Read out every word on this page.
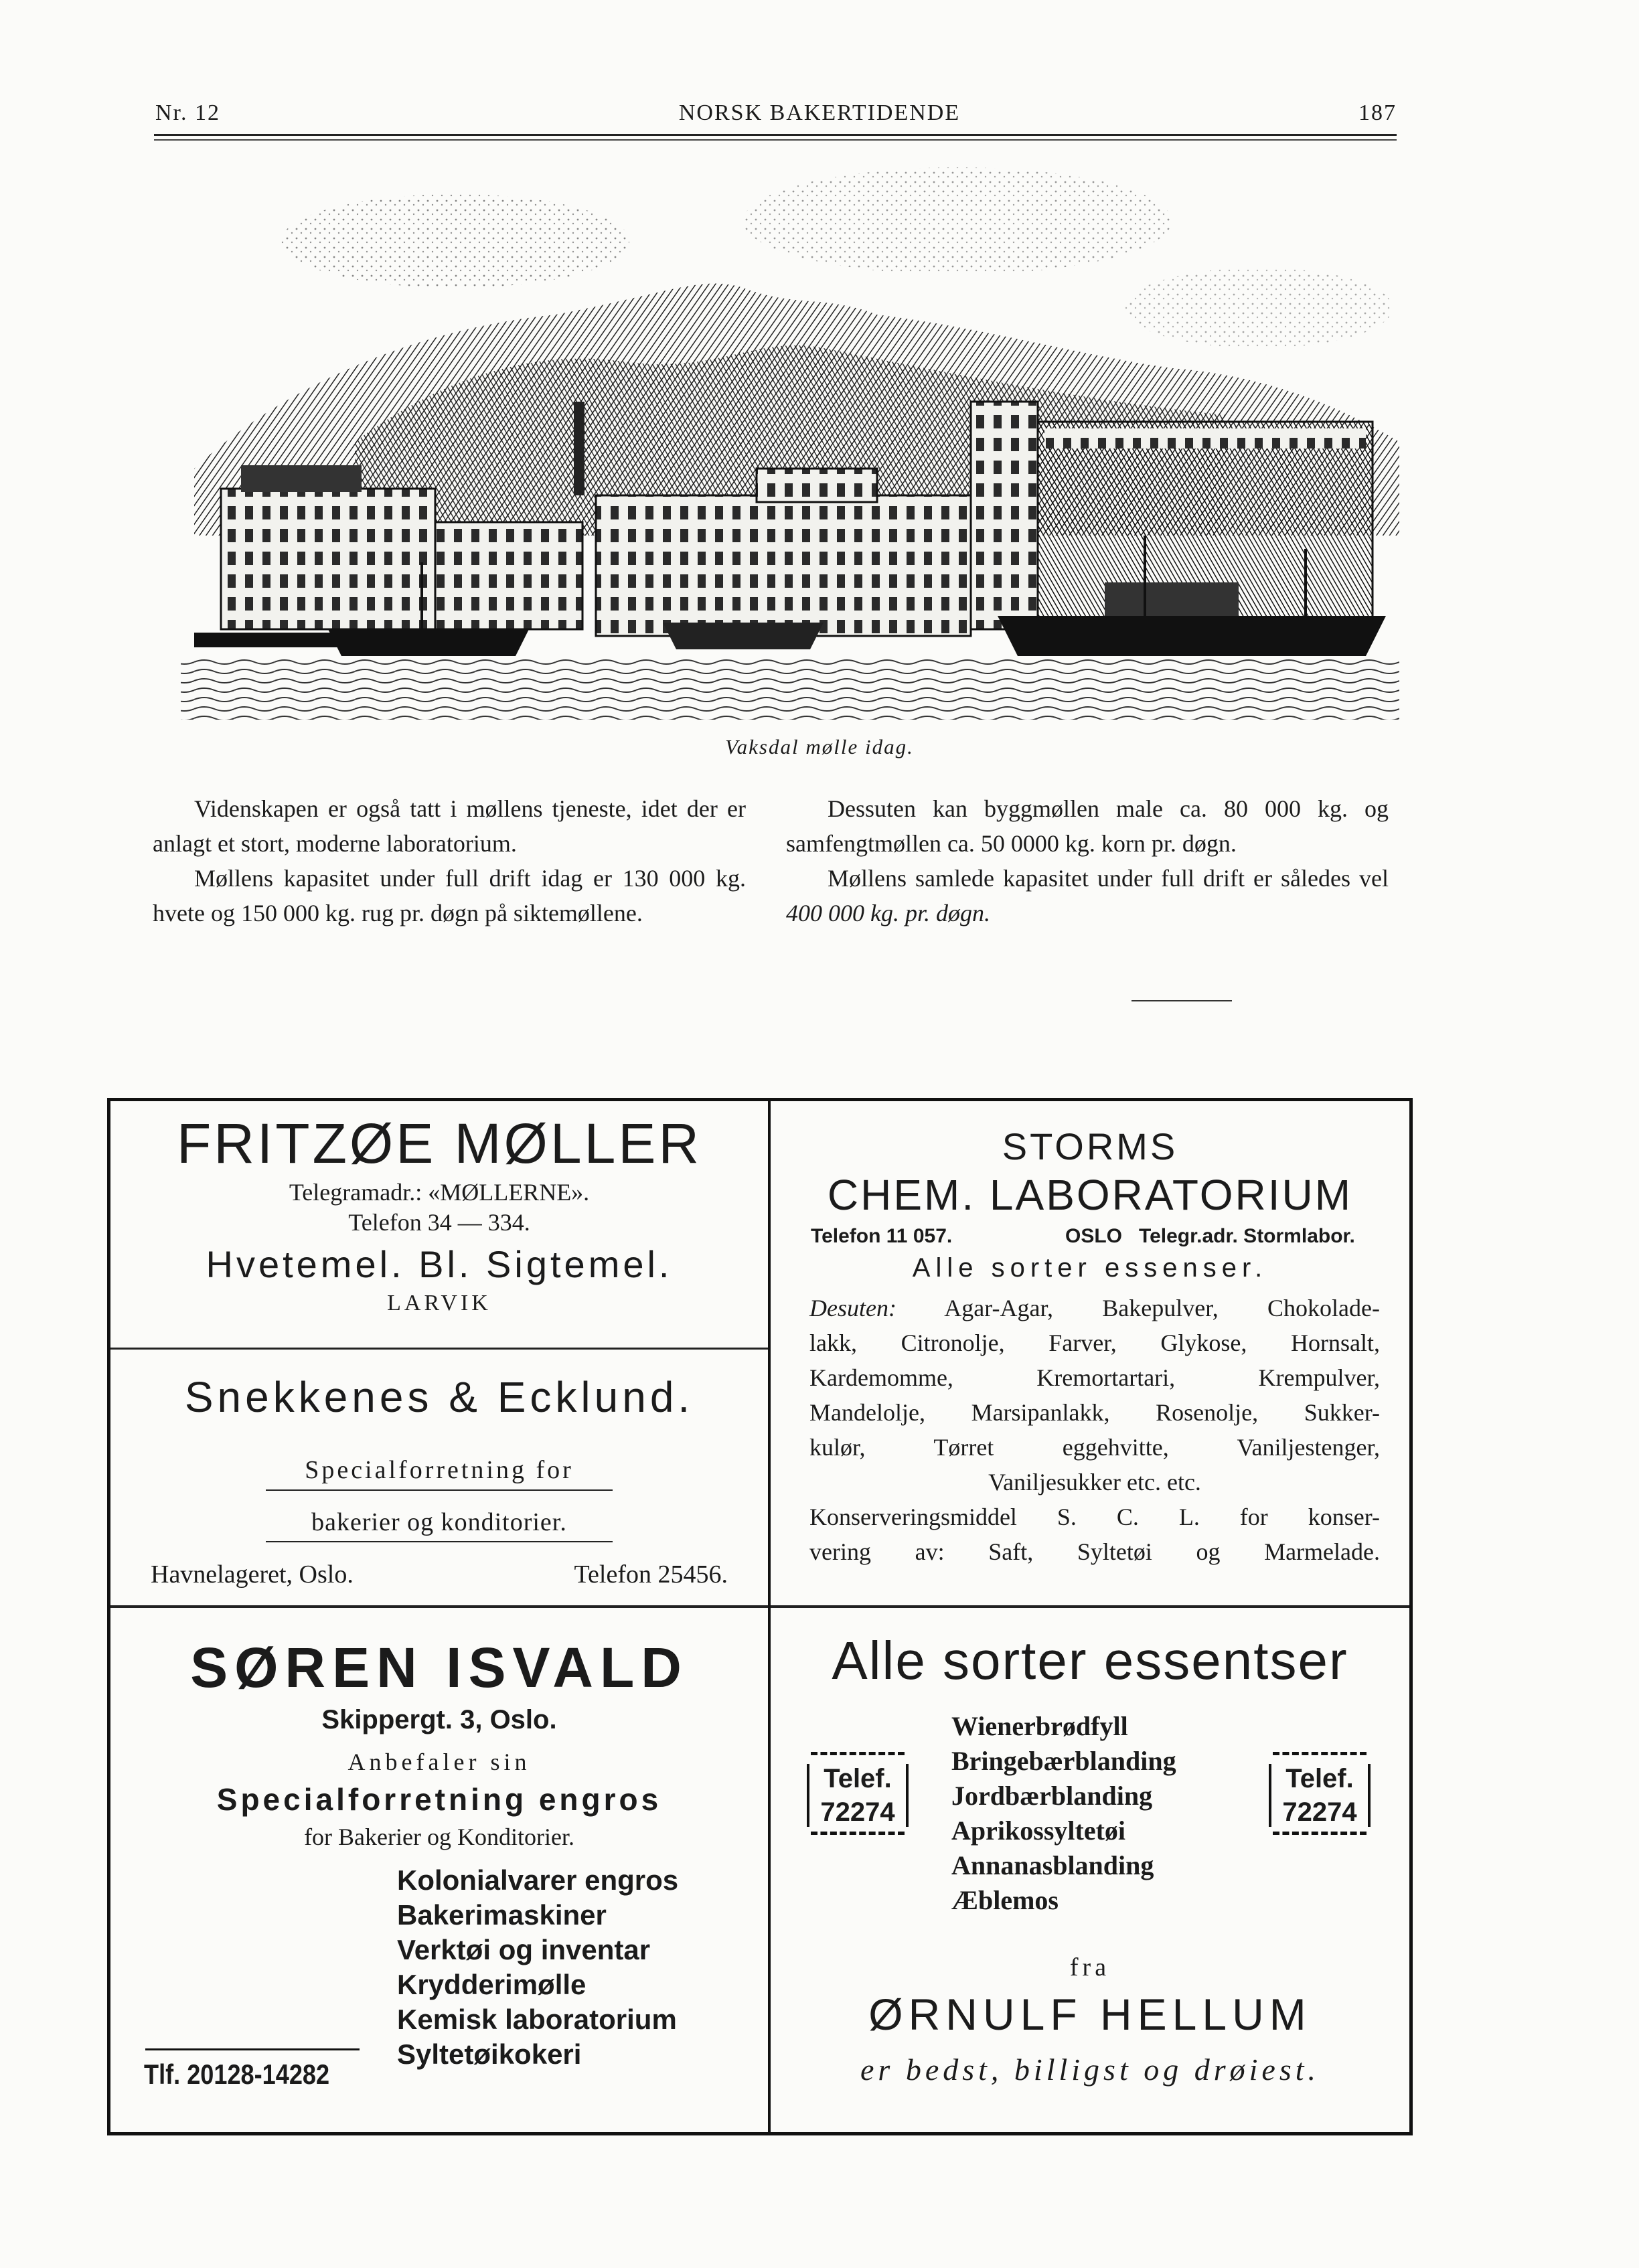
Nr. 12	NORSK BAKERTIDENDE	187
Vaksdal mølle idag.

Videnskapen er også tatt i møllens tjeneste, idet der er anlagt et stort, moderne laboratorium.

Møllens kapasitet under full drift idag er 130 000 kg. hvete og 150 000 kg. rug pr. døgn på siktemøllene.

Dessuten kan byggmøllen male ca. 80 000 kg. og samfengtmøllen ca. 50 0000 kg. korn pr. døgn.

Møllens samlede kapasitet under full drift er således vel 400 000 kg. pr. døgn.

FRITZØE MØLLER
Telegramadr.: «MØLLERNE».
Telefon 34 — 334.
Hvetemel. Bl. Sigtemel.
LARVIK
Snekkenes & Ecklund.
Specialforretning for
bakerier og konditorier.
Havnelageret, Oslo.	Telefon 25456.
STORMS
CHEM. LABORATORIUM
Telefon 11 057.	OSLO Telegr.adr. Stormlabor.
Alle sorter essenser.
Desuten: Agar-Agar, Bakepulver, Chokolade-
lakk, Citronolje, Farver, Glykose, Hornsalt,
Kardemomme, Kremortartari, Krempulver,
Mandelolje, Marsipanlakk, Rosenolje, Sukker-
kulør, Tørret eggehvitte, Vaniljestenger,
Vaniljesukker etc. etc.
Konserveringsmiddel S. C. L. for konser-
vering av: Saft, Syltetøi og Marmelade.
SØREN ISVALD
Skippergt. 3, Oslo.
Anbefaler sin
Specialforretning engros
for Bakerier og Konditorier.
Kolonialvarer engros
Bakerimaskiner
Verktøi og inventar
Krydderimølle
Kemisk laboratorium
Syltetøikokeri
Tlf. 20128-14282
Alle sorter essentser
Wienerbrødfyll
Bringebærblanding
Jordbærblanding
Aprikossyltetøi
Annanasblanding
Æblemos
Telef.
72274
Telef.
72274
fra
ØRNULF HELLUM
er bedst, billigst og drøiest.
